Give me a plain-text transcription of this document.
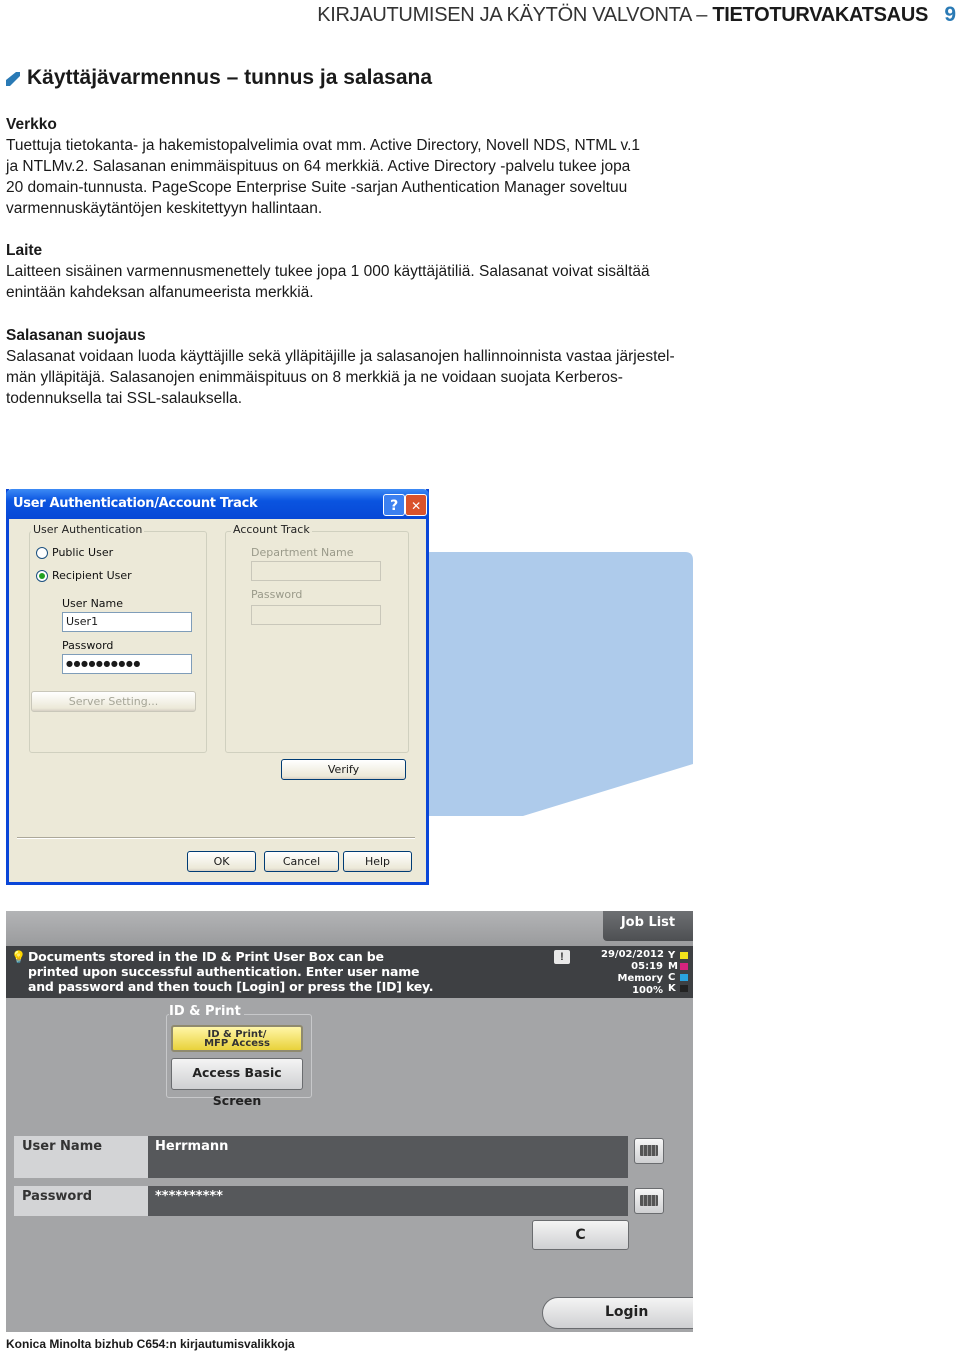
KIRJAUTUMISEN JA KÄYTÖN VALVONTA – TIETOTURVAKATSAUS 9
Käyttäjävarmennus – tunnus ja salasana
Verkko

Tuettuja tietokanta- ja hakemistopalvelimia ovat mm. Active Directory, Novell NDS, NTML v.1

ja NTLMv.2. Salasanan enimmäispituus on 64 merkkiä. Active Directory -palvelu tukee jopa

20 domain-tunnusta. PageScope Enterprise Suite -sarjan Authentication Manager soveltuu

varmennuskäytäntöjen keskitettyyn hallintaan.

Laite

Laitteen sisäinen varmennusmenettely tukee jopa 1 000 käyttäjätiliä. Salasanat voivat sisältää

enintään kahdeksan alfanumeerista merkkiä.

Salasanan suojaus

Salasanat voidaan luoda käyttäjille sekä ylläpitäjille ja salasanojen hallinnoinnista vastaa järjestel-

män ylläpitäjä. Salasanojen enimmäispituus on 8 merkkiä ja ne voidaan suojata Kerberos-todennuksella tai SSL-salauksella.

User Authentication/Account Track	?	✕
User Authentication
Public User
Recipient User
User Name
User1
Password
●●●●●●●●●●
Server Setting...
Account Track
Department Name
Password
Verify
OK	Cancel	Help
Job List
💡 Documents stored in the ID & Print User Box can be
printed upon successful authentication. Enter user name
and password and then touch [Login] or press the [ID] key.
!	29/02/2012
05:19
Memory
100%
Y
M
C
K
ID & Print
ID & Print/
MFP Access
Access Basic Screen
User Name	Herrmann
Password	**********
C
Login
Konica Minolta bizhub C654:n kirjautumisvalikkoja
